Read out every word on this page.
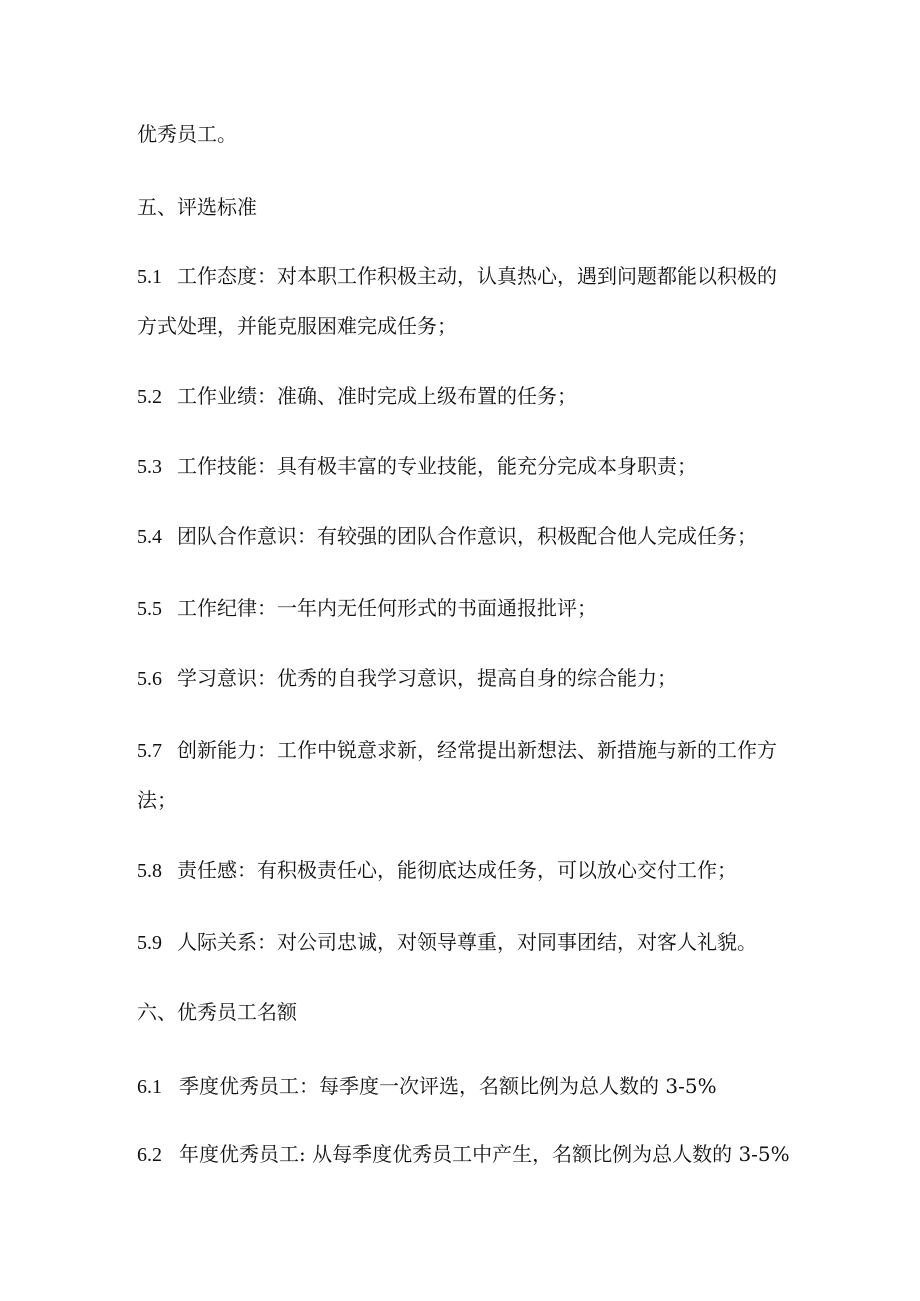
优秀员工。
五、评选标准
5.1 工作态度：对本职工作积极主动，认真热心，遇到问题都能以积极的
方式处理，并能克服困难完成任务；
5.2 工作业绩：准确、准时完成上级布置的任务；
5.3 工作技能：具有极丰富的专业技能，能充分完成本身职责；
5.4 团队合作意识：有较强的团队合作意识，积极配合他人完成任务；
5.5 工作纪律：一年内无任何形式的书面通报批评；
5.6 学习意识：优秀的自我学习意识，提高自身的综合能力；
5.7 创新能力：工作中锐意求新，经常提出新想法、新措施与新的工作方
法；
5.8 责任感：有积极责任心，能彻底达成任务，可以放心交付工作；
5.9 人际关系：对公司忠诚，对领导尊重，对同事团结，对客人礼貌。
六、优秀员工名额
6.1 季度优秀员工：每季度一次评选，名额比例为总人数的 3-5%
6.2 年度优秀员工: 从每季度优秀员工中产生，名额比例为总人数的 3-5%
